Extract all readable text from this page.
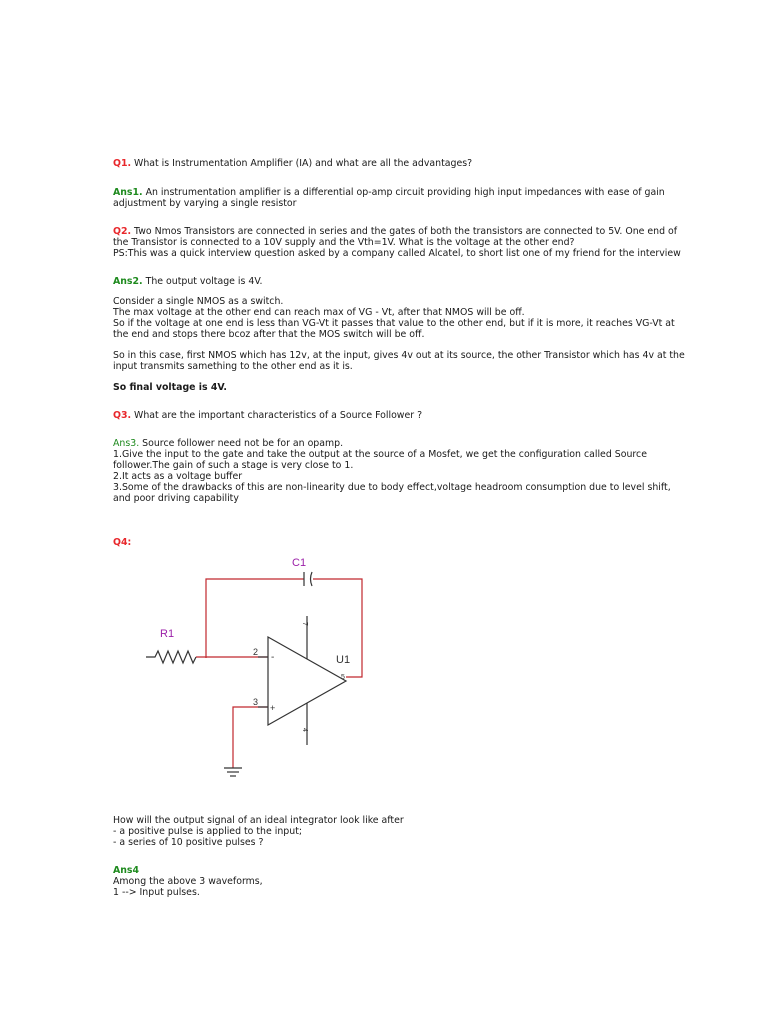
Q1. What is Instrumentation Amplifier (IA) and what are all the advantages?
Ans1. An instrumentation amplifier is a differential op-amp circuit providing high input impedances with ease of gain
adjustment by varying a single resistor
Q2. Two Nmos Transistors are connected in series and the gates of both the transistors are connected to 5V. One end of
the Transistor is connected to a 10V supply and the Vth=1V. What is the voltage at the other end?
PS:This was a quick interview question asked by a company called Alcatel, to short list one of my friend for the interview
Ans2. The output voltage is 4V.
Consider a single NMOS as a switch.
The max voltage at the other end can reach max of VG - Vt, after that NMOS will be off.
So if the voltage at one end is less than VG-Vt it passes that value to the other end, but if it is more, it reaches VG-Vt at
the end and stops there bcoz after that the MOS switch will be off.
So in this case, first NMOS which has 12v, at the input, gives 4v out at its source, the other Transistor which has 4v at the
input transmits samething to the other end as it is.
So final voltage is 4V.
Q3. What are the important characteristics of a Source Follower ?
Ans3. Source follower need not be for an opamp.
1.Give the input to the gate and take the output at the source of a Mosfet, we get the configuration called Source
follower.The gain of such a stage is very close to 1.
2.It acts as a voltage buffer
3.Some of the drawbacks of this are non-linearity due to body effect,voltage headroom consumption due to level shift,
and poor driving capability
Q4:
C1
R1
U1
2
3
5
7
4
-
+
How will the output signal of an ideal integrator look like after
- a positive pulse is applied to the input;
- a series of 10 positive pulses ?
Ans4
Among the above 3 waveforms,
1 --> Input pulses.
